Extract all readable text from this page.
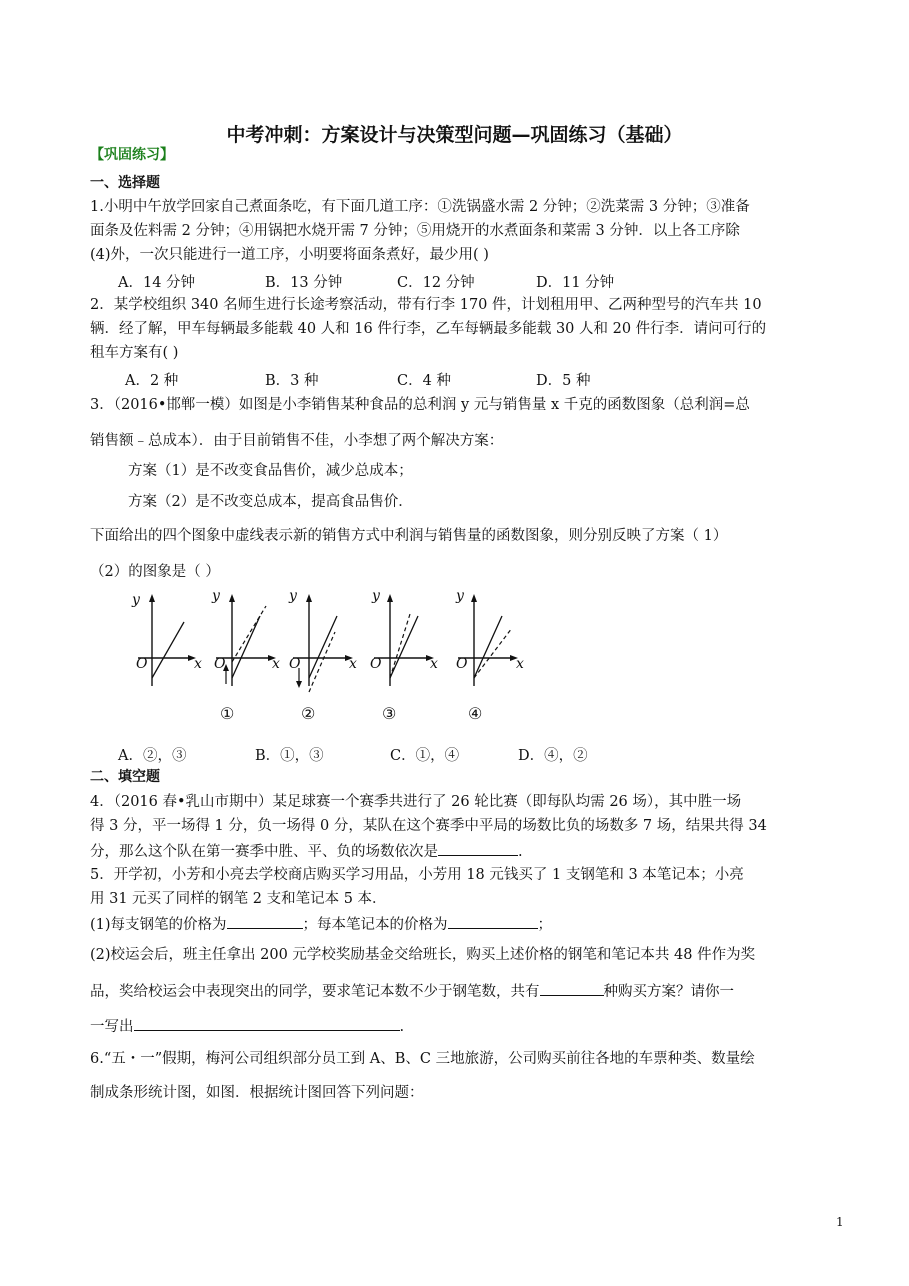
中考冲刺：方案设计与决策型问题—巩固练习（基础）
【巩固练习】
一、选择题
1.小明中午放学回家自己煮面条吃，有下面几道工序：①洗锅盛水需 2 分钟；②洗菜需 3 分钟；③准备
面条及佐料需 2 分钟；④用锅把水烧开需 7 分钟；⑤用烧开的水煮面条和菜需 3 分钟．以上各工序除
(4)外，一次只能进行一道工序，小明要将面条煮好，最少用( )
A．14 分钟	B．13 分钟	C．12 分钟	D．11 分钟
2．某学校组织 340 名师生进行长途考察活动，带有行李 170 件，计划租用甲、乙两种型号的汽车共 10
辆．经了解，甲车每辆最多能载 40 人和 16 件行李，乙车每辆最多能载 30 人和 20 件行李．请问可行的
租车方案有( )
A．2 种	B．3 种	C．4 种	D．5 种
3．（2016•邯郸一模）如图是小李销售某种食品的总利润 y 元与销售量 x 千克的函数图象（总利润=总
销售额﹣总成本）．由于目前销售不佳，小李想了两个解决方案：
方案（1）是不改变食品售价，减少总成本；
方案（2）是不改变总成本，提高食品售价．
下面给出的四个图象中虚线表示新的销售方式中利润与销售量的函数图象，则分别反映了方案（ 1）
（2）的图象是（ ）
y
x
O
y
x
O
①
y
x
O
②
y
x
O
③
y
x
O
④
A．②，③	B．①，③	C．①，④	D．④，②
二、填空题
4．（2016 春•乳山市期中）某足球赛一个赛季共进行了 26 轮比赛（即每队均需 26 场），其中胜一场
得 3 分，平一场得 1 分，负一场得 0 分，某队在这个赛季中平局的场数比负的场数多 7 场，结果共得 34
分，那么这个队在第一赛季中胜、平、负的场数依次是	.
5．开学初，小芳和小亮去学校商店购买学习用品，小芳用 18 元钱买了 1 支钢笔和 3 本笔记本；小亮
用 31 元买了同样的钢笔 2 支和笔记本 5 本．
(1)每支钢笔的价格为	；每本笔记本的价格为	；
(2)校运会后，班主任拿出 200 元学校奖励基金交给班长，购买上述价格的钢笔和笔记本共 48 件作为奖
品，奖给校运会中表现突出的同学，要求笔记本数不少于钢笔数，共有	种购买方案？请你一
一写出	.
6.“五・一”假期，梅河公司组织部分员工到 A、B、C 三地旅游，公司购买前往各地的车票种类、数量绘
制成条形统计图，如图．根据统计图回答下列问题：
1
